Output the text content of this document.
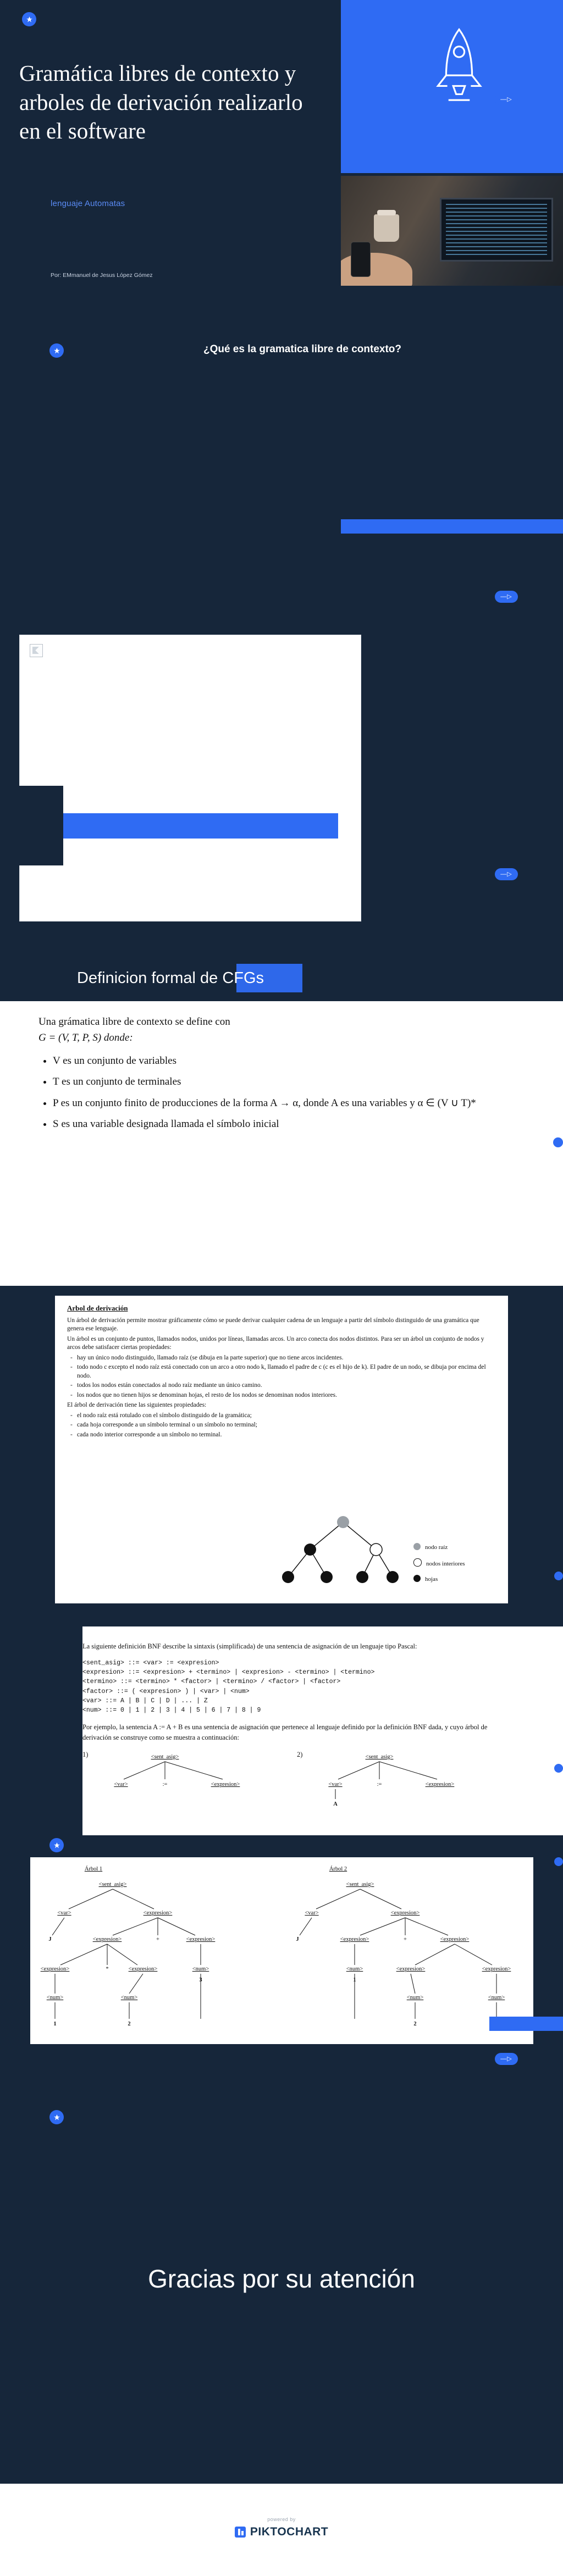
Gramática libres de contexto y arboles de derivación realizarlo en el software
lenguaje Automatas
Por: EMmanuel de Jesus López Gómez
—▷
¿Qué es la gramatica libre de contexto?
—▷
—▷
Definicion formal de CFGs
Una grámatica libre de contexto se define con
G = (V, T, P, S) donde:
• V es un conjunto de variables
• T es un conjunto de terminales
• P es un conjunto finito de producciones de la forma A → α, donde A es una variables y α ∈ (V ∪ T)*
• S es una variable designada llamada el símbolo inicial
Arbol de derivación

Un árbol de derivación permite mostrar gráficamente cómo se puede derivar cualquier cadena de un lenguaje a partir del símbolo distinguido de una gramática que genera ese lenguaje.

Un árbol es un conjunto de puntos, llamados nodos, unidos por líneas, llamadas arcos. Un arco conecta dos nodos distintos. Para ser un árbol un conjunto de nodos y arcos debe satisfacer ciertas propiedades:

- hay un único nodo distinguido, llamado raíz (se dibuja en la parte superior) que no tiene arcos incidentes.
- todo nodo c excepto el nodo raíz está conectado con un arco a otro nodo k, llamado el padre de c (c es el hijo de k). El padre de un nodo, se dibuja por encima del nodo.
- todos los nodos están conectados al nodo raíz mediante un único camino.
- los nodos que no tienen hijos se denominan hojas, el resto de los nodos se denominan nodos interiores.

El árbol de derivación tiene las siguientes propiedades:

- el nodo raíz está rotulado con el símbolo distinguido de la gramática;
- cada hoja corresponde a un símbolo terminal o un símbolo no terminal;
- cada nodo interior corresponde a un símbolo no terminal.
nodo raíz
nodos interiores
hojas

La siguiente definición BNF describe la sintaxis (simplificada) de una sentencia de asignación de un lenguaje tipo Pascal:

<sent_asig> ::= <var> := <expresion>
<expresion> ::= <expresion> + <termino> | <expresion> - <termino> | <termino>
<termino> ::= <termino> * <factor> | <termino> / <factor> | <factor>
<factor> ::= ( <expresion> ) | <var> | <num>
<var> ::= A | B | C | D | ... | Z
<num> ::= 0 | 1 | 2 | 3 | 4 | 5 | 6 | 7 | 8 | 9

Por ejemplo, la sentencia A := A + B es una sentencia de asignación que pertenece al lenguaje definido por la definición BNF dada, y cuyo árbol de derivación se construye como se muestra a continuación:

1)	<sent_asig>
<var>	:=	<expresion>
2)	<sent_asig>
<var>	:=	<expresion>
A
Árbol 1	Árbol 2
<sent_asig>
<var>	<expresion>
J	<expresion>	+	<expresion>
<expresion>	*	<expresion>	<num>
<num>	<num>
1	2
3
<sent_asig>
<var>	<expresion>
J	<expresion>	+	<expresion>
<num>	<expresion>	<expresion>
<num>	<num>
1
2
—▷
Gracias por su atención
powered by
PIKTOCHART
